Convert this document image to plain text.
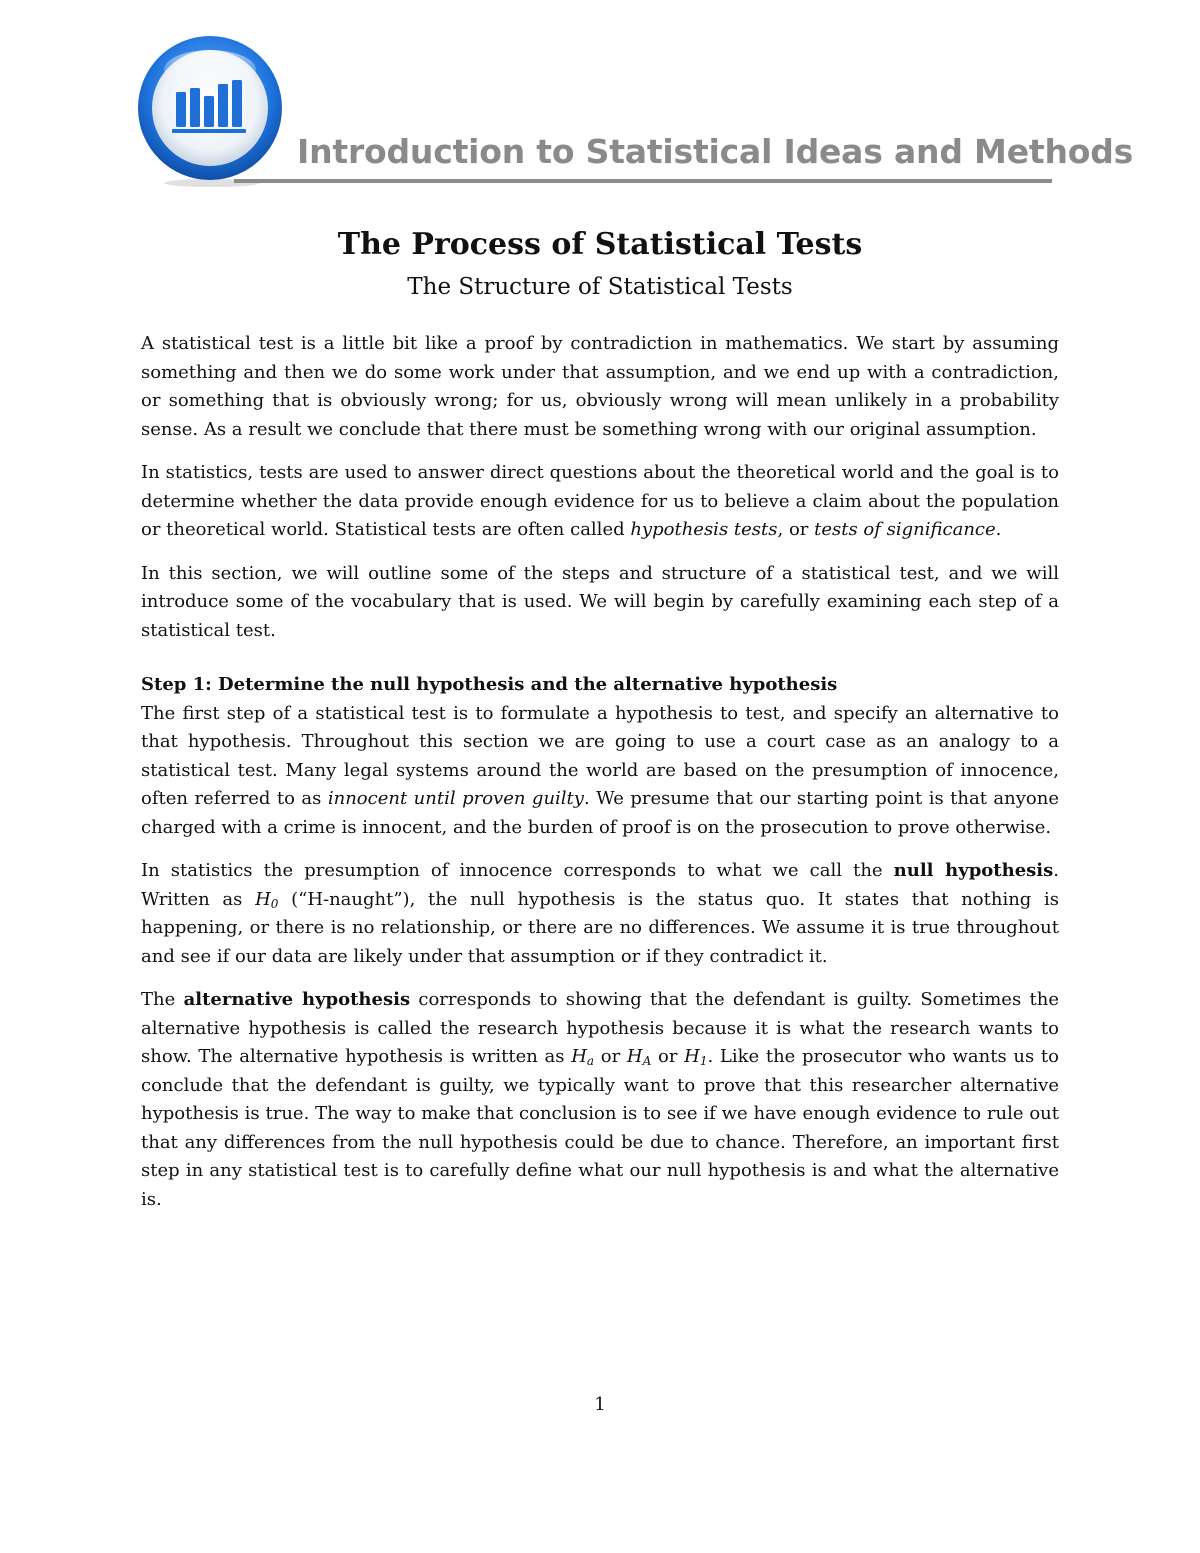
Introduction to Statistical Ideas and Methods
The Process of Statistical Tests
The Structure of Statistical Tests

A statistical test is a little bit like a proof by contradiction in mathematics. We start by assuming something and then we do some work under that assumption, and we end up with a contradiction, or something that is obviously wrong; for us, obviously wrong will mean unlikely in a probability sense. As a result we conclude that there must be something wrong with our original assumption.

In statistics, tests are used to answer direct questions about the theoretical world and the goal is to determine whether the data provide enough evidence for us to believe a claim about the population or theoretical world. Statistical tests are often called hypothesis tests, or tests of significance.

In this section, we will outline some of the steps and structure of a statistical test, and we will introduce some of the vocabulary that is used. We will begin by carefully examining each step of a statistical test.

Step 1: Determine the null hypothesis and the alternative hypothesis
The first step of a statistical test is to formulate a hypothesis to test, and specify an alternative to that hypothesis. Throughout this section we are going to use a court case as an analogy to a statistical test. Many legal systems around the world are based on the presumption of innocence, often referred to as innocent until proven guilty. We presume that our starting point is that anyone charged with a crime is innocent, and the burden of proof is on the prosecution to prove otherwise.

In statistics the presumption of innocence corresponds to what we call the null hypothesis. Written as $H_0$ (“H-naught”), the null hypothesis is the status quo. It states that nothing is happening, or there is no relationship, or there are no differences. We assume it is true throughout and see if our data are likely under that assumption or if they contradict it.

The alternative hypothesis corresponds to showing that the defendant is guilty. Sometimes the alternative hypothesis is called the research hypothesis because it is what the research wants to show. The alternative hypothesis is written as $H_a$ or $H_A$ or $H_1$. Like the prosecutor who wants us to conclude that the defendant is guilty, we typically want to prove that this researcher alternative hypothesis is true. The way to make that conclusion is to see if we have enough evidence to rule out that any differences from the null hypothesis could be due to chance. Therefore, an important first step in any statistical test is to carefully define what our null hypothesis is and what the alternative is.

1
